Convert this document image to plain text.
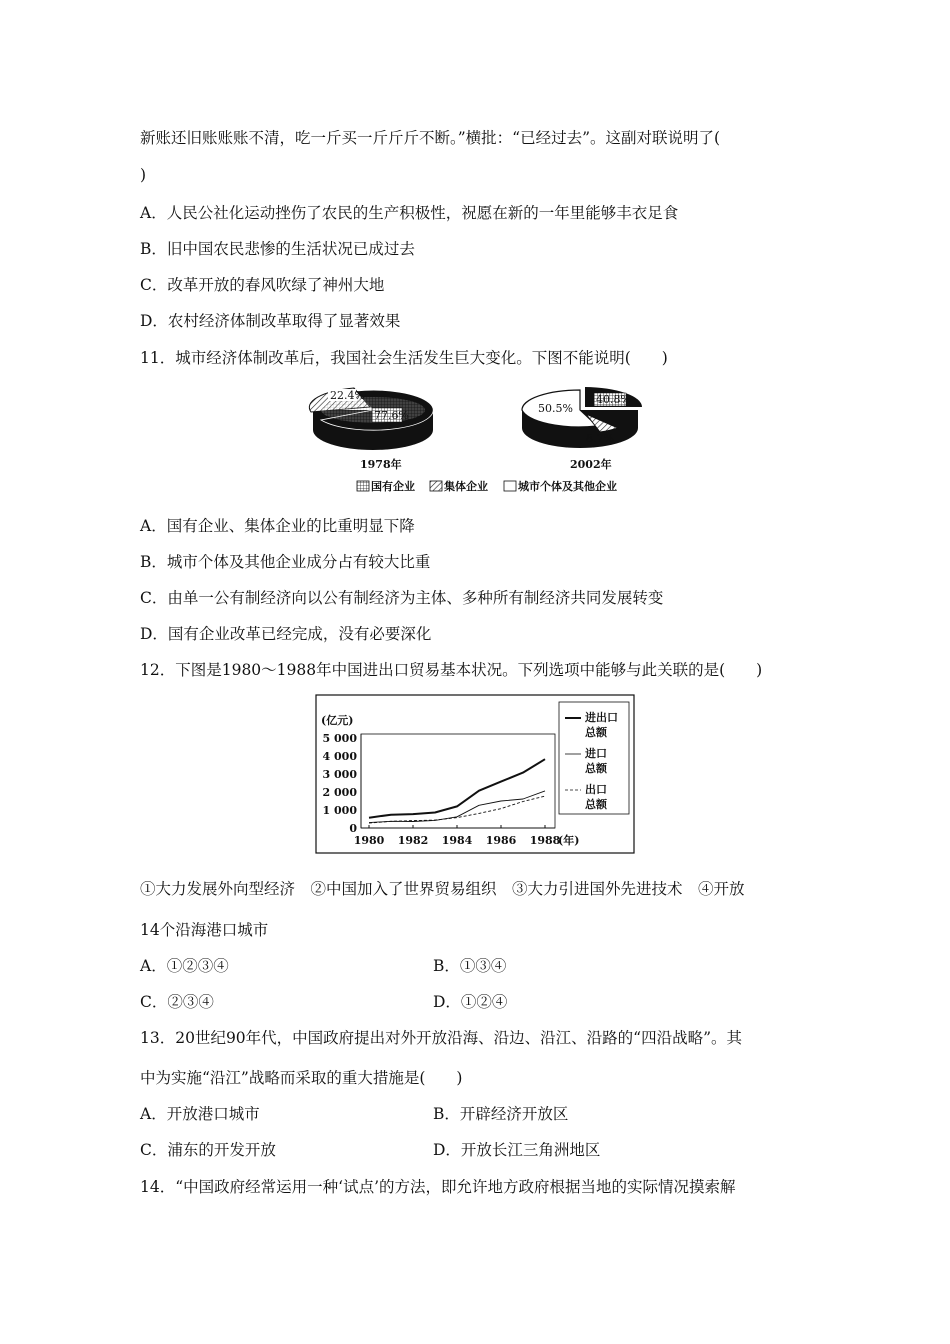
新账还旧账账账不清，吃一斤买一斤斤斤不断。”横批：“已经过去”。这副对联说明了(
)
A．人民公社化运动挫伤了农民的生产积极性，祝愿在新的一年里能够丰衣足食
B．旧中国农民悲惨的生活状况已成过去
C．改革开放的春风吹绿了神州大地
D．农村经济体制改革取得了显著效果
11．城市经济体制改革后，我国社会生活发生巨大变化。下图不能说明(　　)
22.4%
77.6%
1978年
50.5%
40.8%
8.7%
2002年
国有企业	集体企业	城市个体及其他企业
A．国有企业、集体企业的比重明显下降
B．城市个体及其他企业成分占有较大比重
C．由单一公有制经济向以公有制经济为主体、多种所有制经济共同发展转变
D．国有企业改革已经完成，没有必要深化
12．下图是1980～1988年中国进出口贸易基本状况。下列选项中能够与此关联的是(　　)
(亿元)
0
1 000
2 000
3 000
4 000
5 000
1980 1982 1984 1986 1988
(年)
进出口
总额
进口
总额
出口
总额
①大力发展外向型经济　②中国加入了世界贸易组织　③大力引进国外先进技术　④开放
14个沿海港口城市
A．①②③④	B．①③④
C．②③④	D．①②④
13．20世纪90年代，中国政府提出对外开放沿海、沿边、沿江、沿路的“四沿战略”。其
中为实施“沿江”战略而采取的重大措施是(　　)
A．开放港口城市	B．开辟经济开放区
C．浦东的开发开放	D．开放长江三角洲地区
14．“中国政府经常运用一种‘试点’的方法，即允许地方政府根据当地的实际情况摸索解
